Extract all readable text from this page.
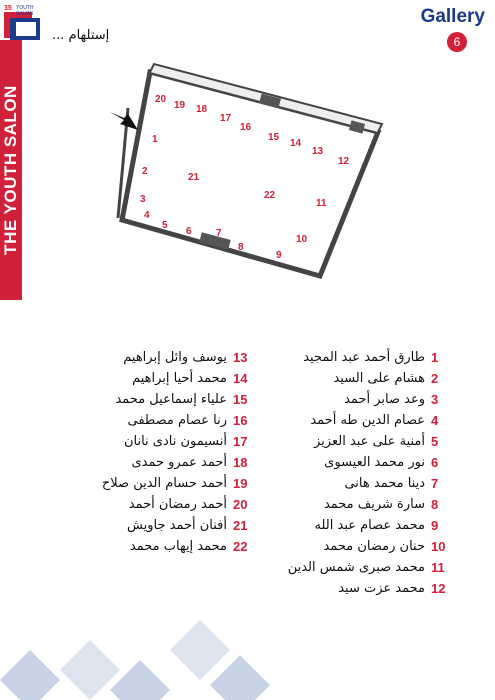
35 YOUTH SALON
إستلهام ...
THE YOUTH SALON
Gallery
6
20
19 18
17
16
15
14
13
12
11
10
9
8
7
6
5
4
3
2
1
21
22
1
طارق أحمد عبد المجيد
2
هشام على السيد
3
وعد صابر أحمد
4
عصام الدين طه أحمد
5
أمنية على عبد العزيز
6
نور محمد العيسوى
7
دينا محمد هانى
8
سارة شريف محمد
9
محمد عصام عبد الله
10
حنان رمضان محمد
11
محمد صبرى شمس الدين
12
محمد عزت سيد
13
يوسف وائل إبراهيم
14
محمد أحيا إبراهيم
15
علياء إسماعيل محمد
16
رنا عصام مصطفى
17
أنسيمون نادى نانان
18
أحمد عمرو حمدى
19
أحمد حسام الدين صلاح
20
أحمد رمضان أحمد
21
أفنان أحمد جاويش
22
محمد إيهاب محمد
